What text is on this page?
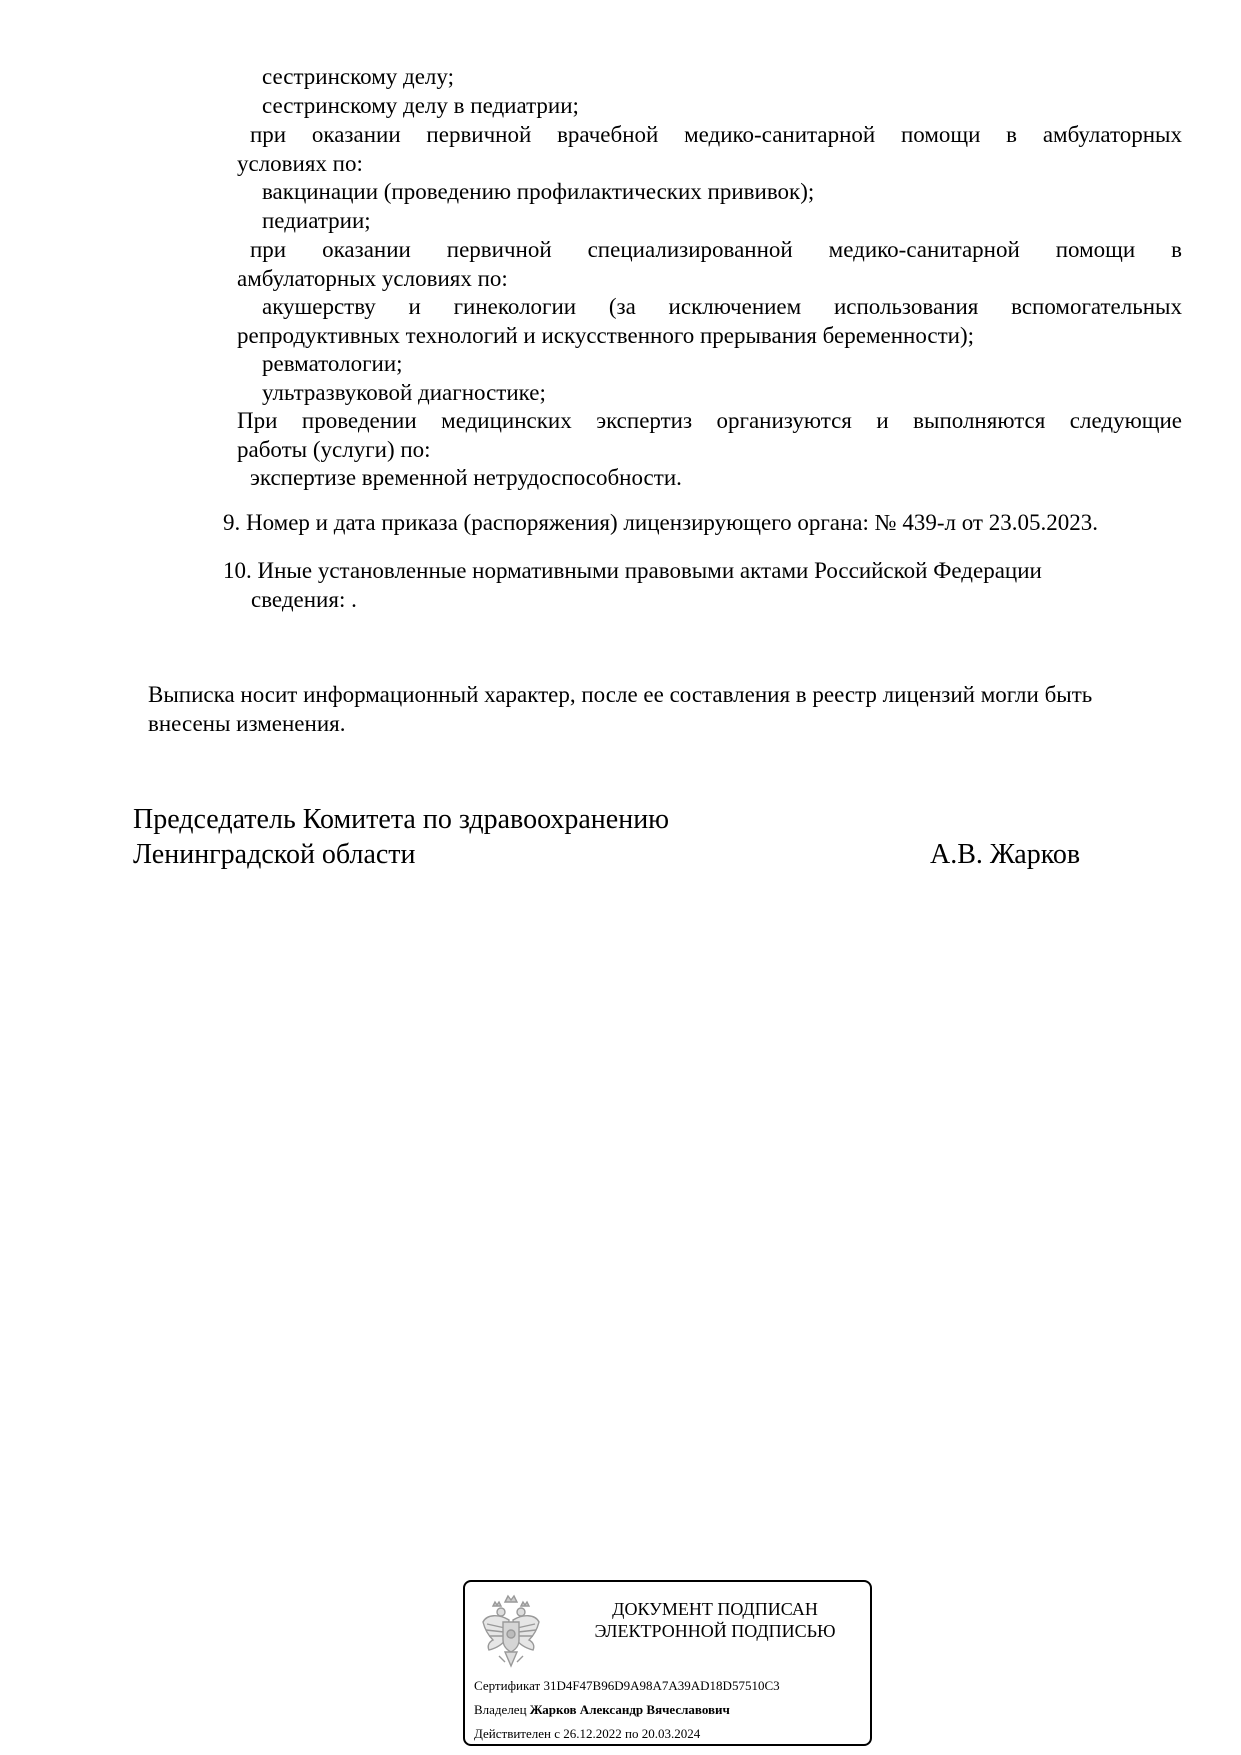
сестринскому делу;
сестринскому делу в педиатрии;
при оказании первичной врачебной медико-санитарной помощи в амбулаторных
условиях по:
вакцинации (проведению профилактических прививок);
педиатрии;
при оказании первичной специализированной медико-санитарной помощи в
амбулаторных условиях по:
акушерству и гинекологии (за исключением использования вспомогательных
репродуктивных технологий и искусственного прерывания беременности);
ревматологии;
ультразвуковой диагностике;
При проведении медицинских экспертиз организуются и выполняются следующие
работы (услуги) по:
экспертизе временной нетрудоспособности.
9. Номер и дата приказа (распоряжения) лицензирующего органа: № 439-л от 23.05.2023.
10. Иные установленные нормативными правовыми актами Российской Федерации
сведения: .
Выписка носит информационный характер, после ее составления в реестр лицензий могли быть
внесены изменения.
Председатель Комитета по здравоохранению
Ленинградской области	А.В. Жарков
ДОКУМЕНТ ПОДПИСАН
ЭЛЕКТРОННОЙ ПОДПИСЬЮ
Сертификат 31D4F47B96D9A98A7A39AD18D57510C3
Владелец Жарков Александр Вячеславович
Действителен с 26.12.2022 по 20.03.2024
